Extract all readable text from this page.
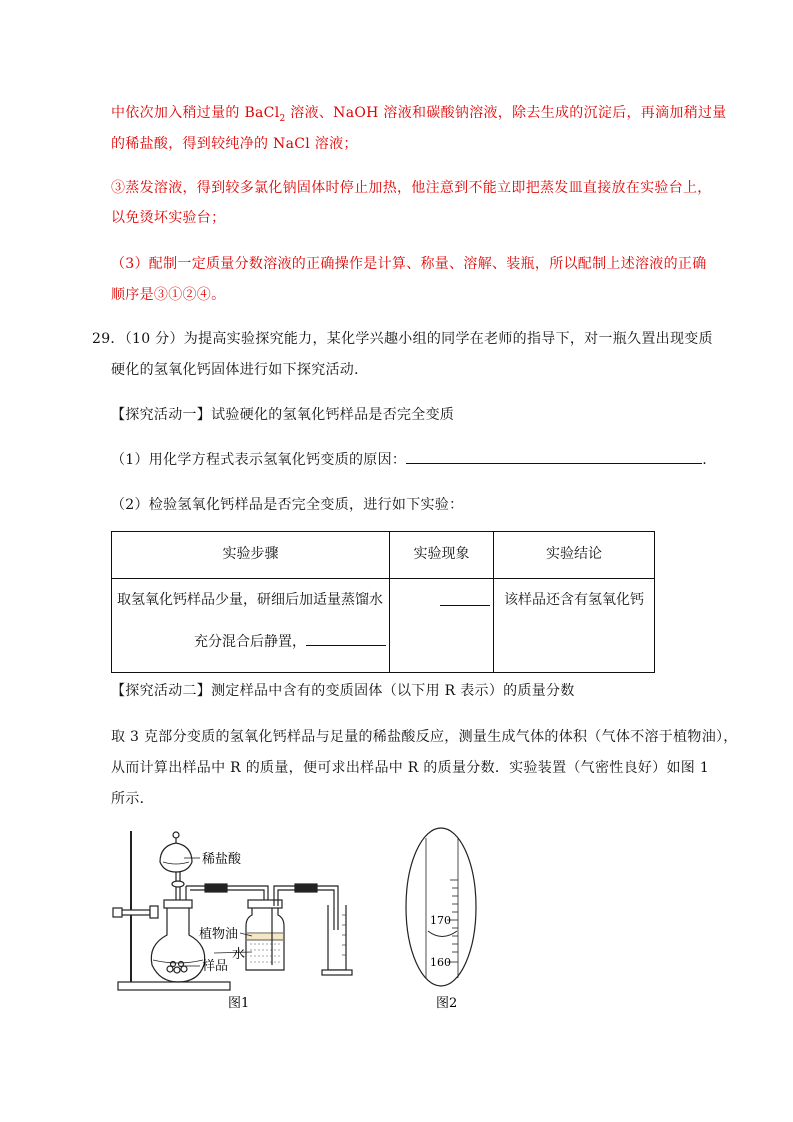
中依次加入稍过量的 BaCl$_2$ 溶液、NaOH 溶液和碳酸钠溶液，除去生成的沉淀后，再滴加稍过量
的稀盐酸，得到较纯净的 NaCl 溶液；
③蒸发溶液，得到较多氯化钠固体时停止加热，他注意到不能立即把蒸发皿直接放在实验台上，
以免烫坏实验台；
（3）配制一定质量分数溶液的正确操作是计算、称量、溶解、装瓶，所以配制上述溶液的正确
顺序是③①②④。
29．（10 分）为提高实验探究能力，某化学兴趣小组的同学在老师的指导下，对一瓶久置出现变质
硬化的氢氧化钙固体进行如下探究活动．
【探究活动一】试验硬化的氢氧化钙样品是否完全变质
（1）用化学方程式表示氢氧化钙变质的原因：	.
（2）检验氢氧化钙样品是否完全变质，进行如下实验：
实验步骤	实验现象	实验结论

取氢氧化钙样品少量，研细后加适量蒸馏水
充分混合后静置，		该样品还含有氢氧化钙
【探究活动二】测定样品中含有的变质固体（以下用 R 表示）的质量分数
取 3 克部分变质的氢氧化钙样品与足量的稀盐酸反应，测量生成气体的体积（气体不溶于植物油），
从而计算出样品中 R 的质量，便可求出样品中 R 的质量分数．实验装置（气密性良好）如图 1
所示．
稀盐酸
植物油
水
样品
图1
170
160
图2
